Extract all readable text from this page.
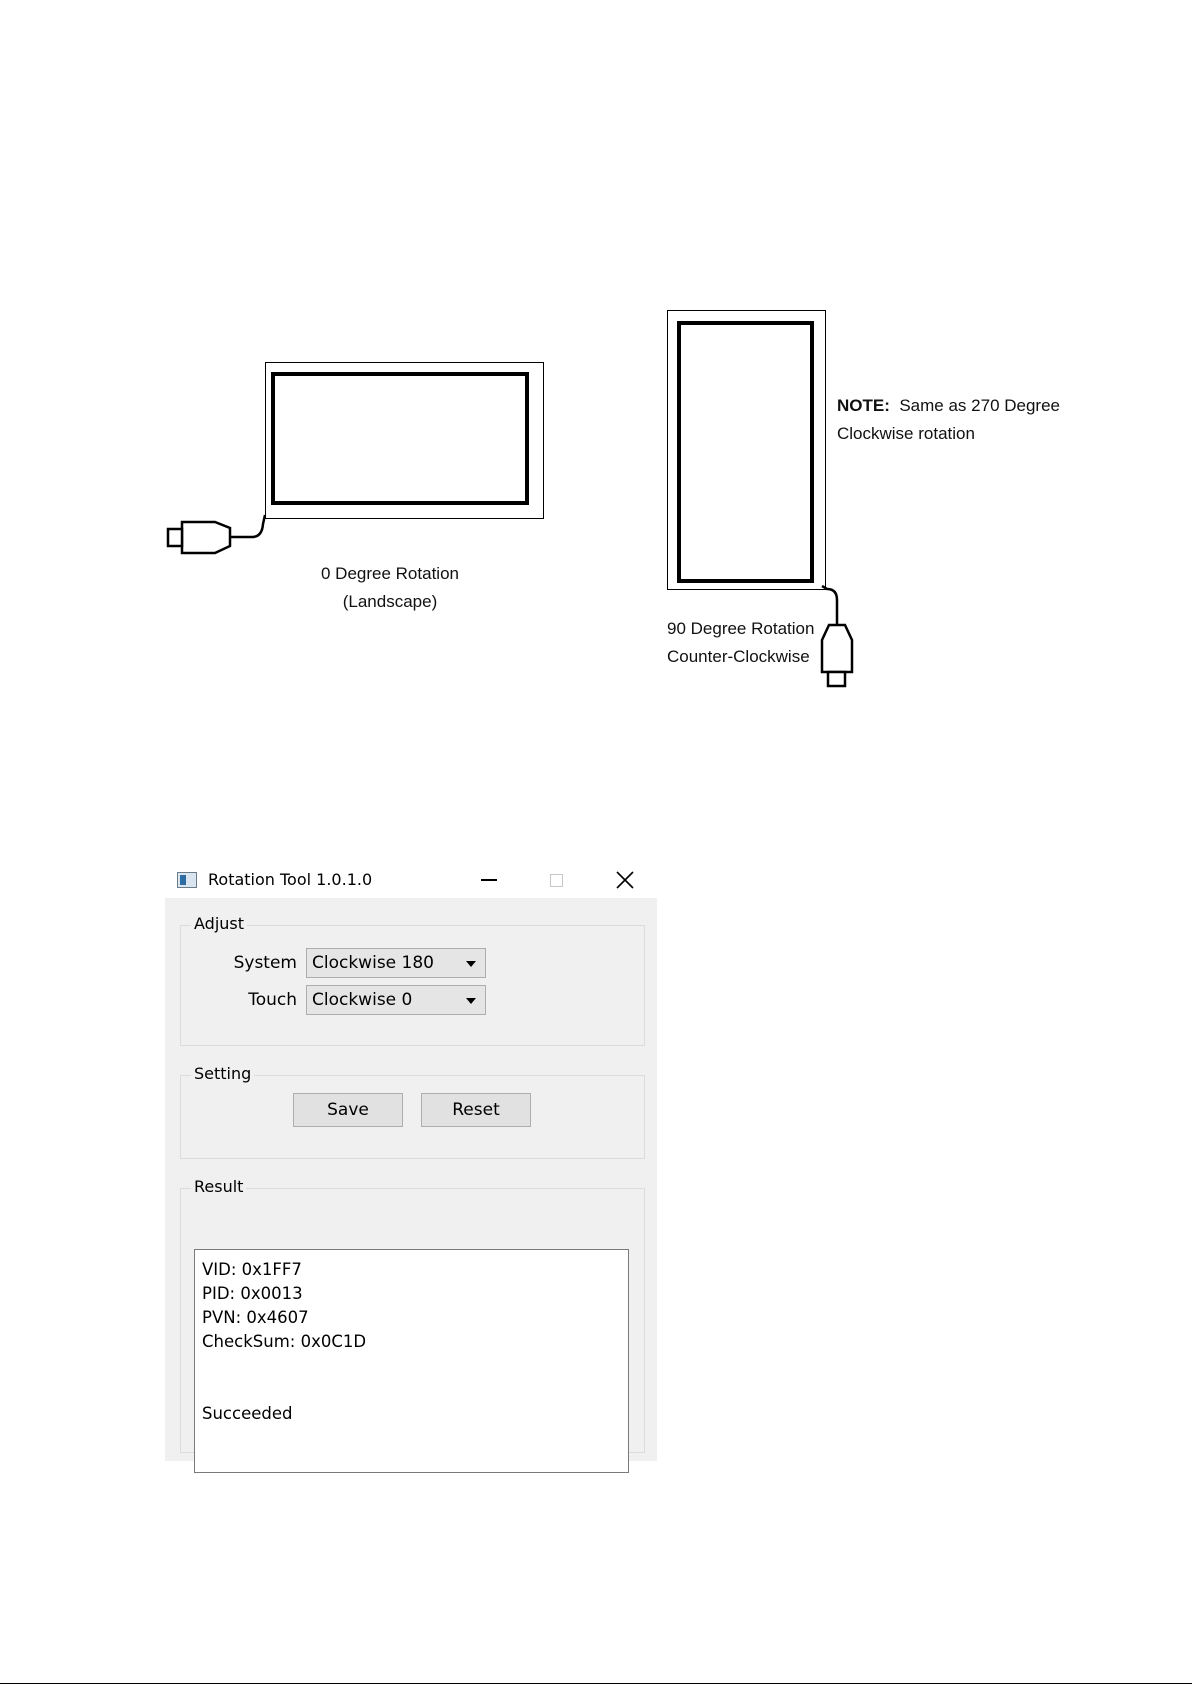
0 Degree Rotation
(Landscape)
NOTE: Same as 270 Degree
Clockwise rotation
90 Degree Rotation
Counter-Clockwise
Rotation Tool 1.0.1.0
Adjust
System Clockwise 180
Touch Clockwise 0
Setting
Save	Reset
Result
VID: 0x1FF7
PID: 0x0013
PVN: 0x4607
CheckSum: 0x0C1D
Succeeded
